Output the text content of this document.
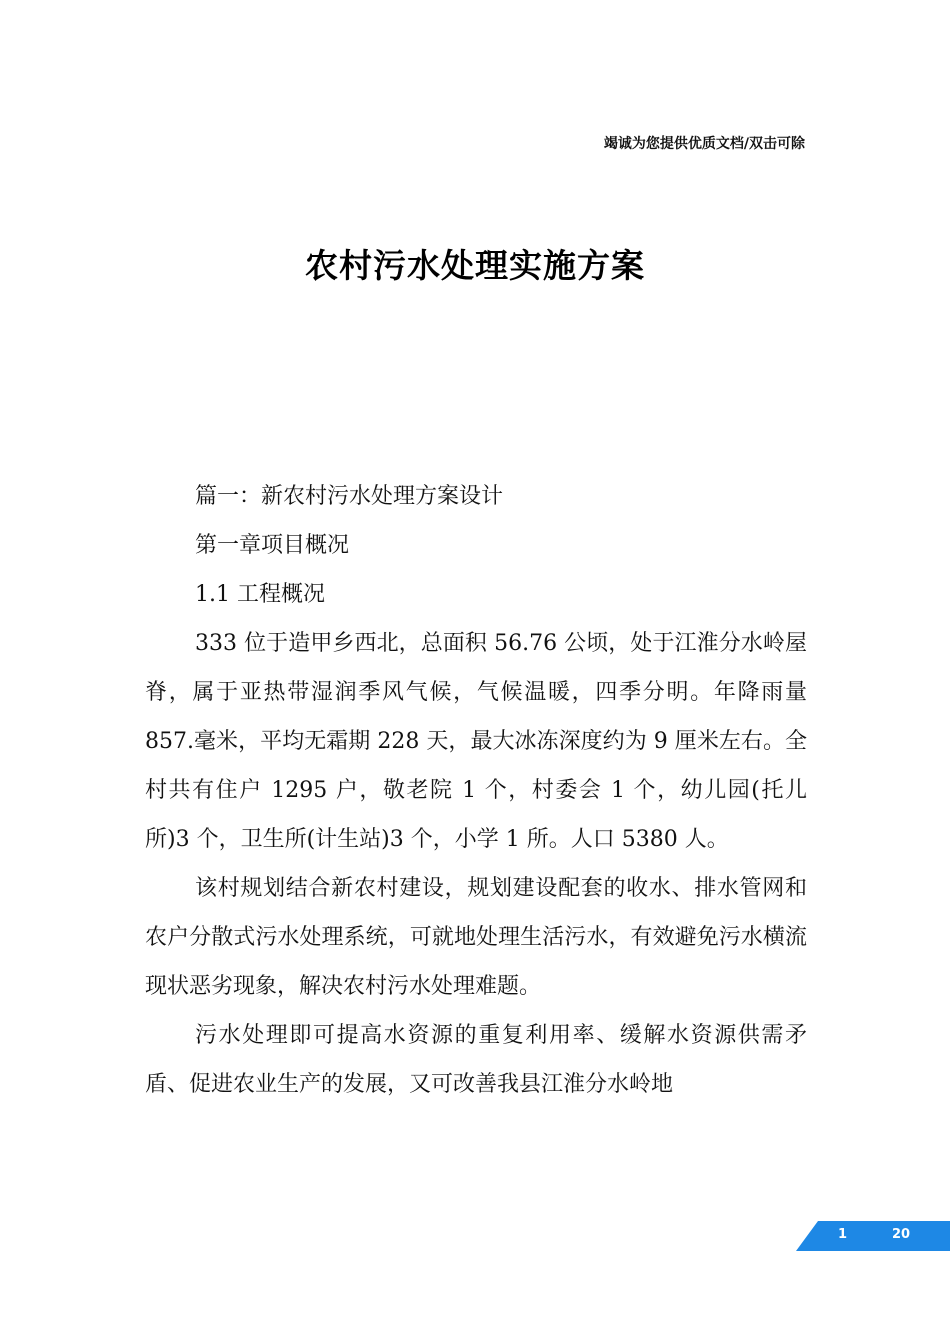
竭诚为您提供优质文档/双击可除
农村污水处理实施方案
篇一：新农村污水处理方案设计
第一章项目概况
1.1 工程概况
333 位于造甲乡西北，总面积 56.76 公顷，处于江淮分水岭屋脊，属于亚热带湿润季风气候，气候温暖，四季分明。年降雨量 857.毫米，平均无霜期 228 天，最大冰冻深度约为 9 厘米左右。全村共有住户 1295 户，敬老院 1 个，村委会 1 个，幼儿园(托儿所)3 个，卫生所(计生站)3 个，小学 1 所。人口 5380 人。
该村规划结合新农村建设，规划建设配套的收水、排水管网和农户分散式污水处理系统，可就地处理生活污水，有效避免污水横流现状恶劣现象，解决农村污水处理难题。
污水处理即可提高水资源的重复利用率、缓解水资源供需矛盾、促进农业生产的发展，又可改善我县江淮分水岭地
1	20
